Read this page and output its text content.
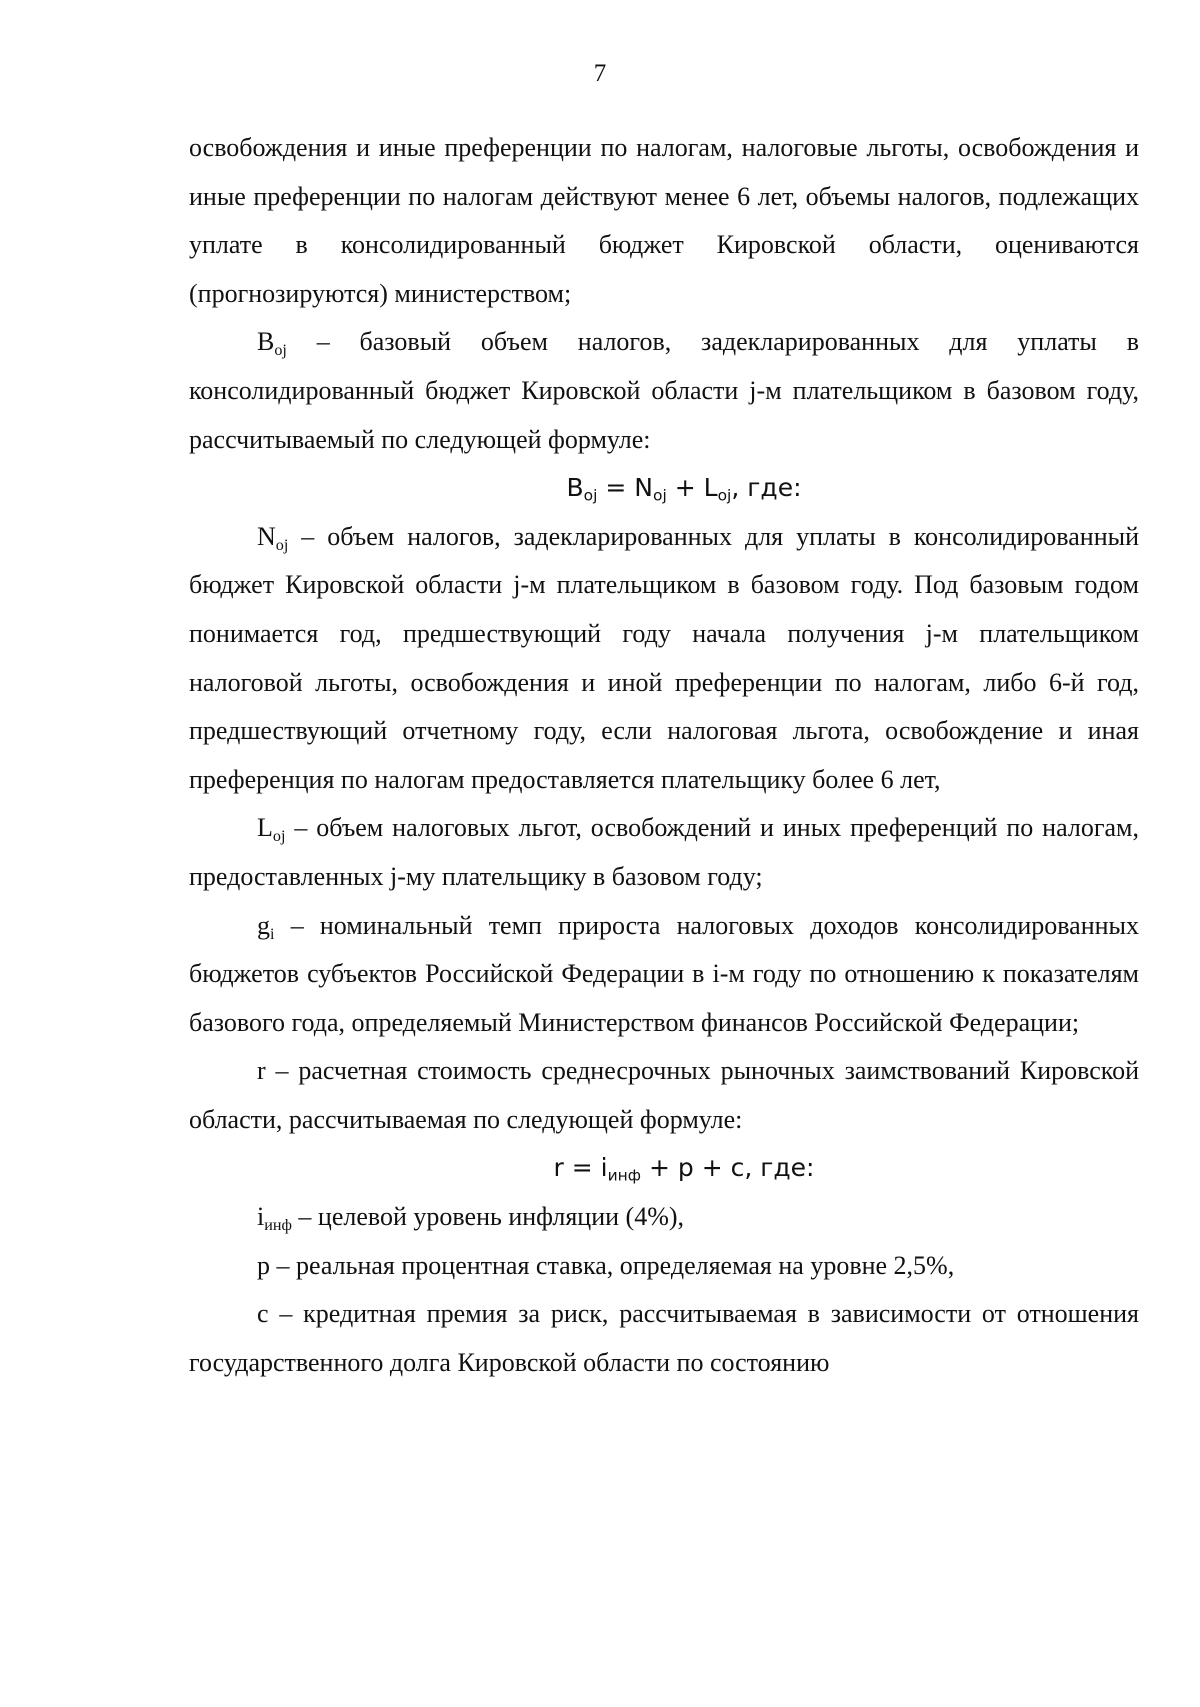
7

освобождения и иные преференции по налогам, налоговые льготы, освобождения и иные преференции по налогам действуют менее 6 лет, объемы налогов, подлежащих уплате в консолидированный бюджет Кировской области, оцениваются (прогнозируются) министерством;

$B_{oj}$ – базовый объем налогов, задекларированных для уплаты в консолидированный бюджет Кировской области j-м плательщиком в базовом году, рассчитываемый по следующей формуле:

$B_{oj} = N_{oj} + L_{oj}$, где:

$N_{oj}$ – объем налогов, задекларированных для уплаты в консолидированный бюджет Кировской области j-м плательщиком в базовом году. Под базовым годом понимается год, предшествующий году начала получения j-м плательщиком налоговой льготы, освобождения и иной преференции по налогам, либо 6-й год, предшествующий отчетному году, если налоговая льгота, освобождение и иная преференция по налогам предоставляется плательщику более 6 лет,

$L_{oj}$ – объем налоговых льгот, освобождений и иных преференций по налогам, предоставленных j-му плательщику в базовом году;

$g_i$ – номинальный темп прироста налоговых доходов консолидированных бюджетов субъектов Российской Федерации в i-м году по отношению к показателям базового года, определяемый Министерством финансов Российской Федерации;

r – расчетная стоимость среднесрочных рыночных заимствований Кировской области, рассчитываемая по следующей формуле:

$r = i_{инф} + p + c$, где:

$i_{инф}$ – целевой уровень инфляции (4%),

p – реальная процентная ставка, определяемая на уровне 2,5%,

c – кредитная премия за риск, рассчитываемая в зависимости от отношения государственного долга Кировской области по состоянию
